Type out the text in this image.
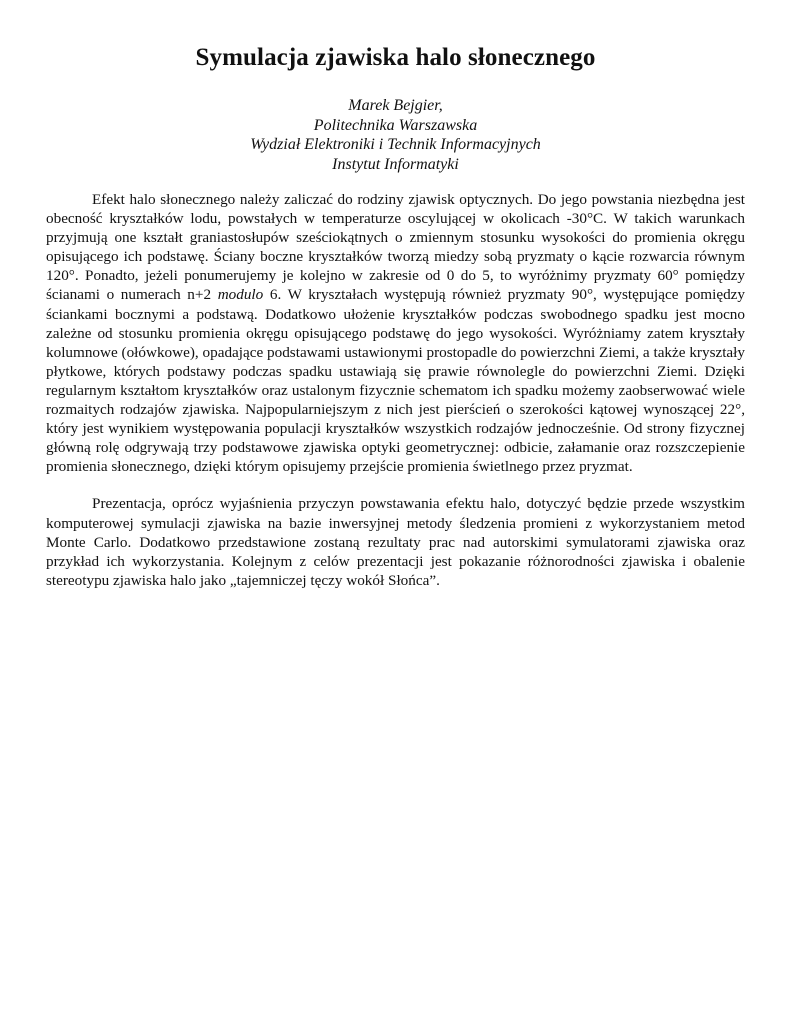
Symulacja zjawiska halo słonecznego
Marek Bejgier,
Politechnika Warszawska
Wydział Elektroniki i Technik Informacyjnych
Instytut Informatyki

Efekt halo słonecznego należy zaliczać do rodziny zjawisk optycznych. Do jego powstania niezbędna jest obecność kryształków lodu, powstałych w temperaturze oscylującej w okolicach -30°C. W takich warunkach przyjmują one kształt graniastosłupów sześciokątnych o zmiennym stosunku wysokości do promienia okręgu opisującego ich podstawę. Ściany boczne kryształków tworzą miedzy sobą pryzmaty o kącie rozwarcia równym 120°. Ponadto, jeżeli ponumerujemy je kolejno w zakresie od 0 do 5, to wyróżnimy pryzmaty 60° pomiędzy ścianami o numerach n+2 modulo 6. W kryształach występują również pryzmaty 90°, występujące pomiędzy ściankami bocznymi a podstawą. Dodatkowo ułożenie kryształków podczas swobodnego spadku jest mocno zależne od stosunku promienia okręgu opisującego podstawę do jego wysokości. Wyróżniamy zatem kryształy kolumnowe (ołówkowe), opadające podstawami ustawionymi prostopadle do powierzchni Ziemi, a także kryształy płytkowe, których podstawy podczas spadku ustawiają się prawie równolegle do powierzchni Ziemi. Dzięki regularnym kształtom kryształków oraz ustalonym fizycznie schematom ich spadku możemy zaobserwować wiele rozmaitych rodzajów zjawiska. Najpopularniejszym z nich jest pierścień o szerokości kątowej wynoszącej 22°, który jest wynikiem występowania populacji kryształków wszystkich rodzajów jednocześnie. Od strony fizycznej główną rolę odgrywają trzy podstawowe zjawiska optyki geometrycznej: odbicie, załamanie oraz rozszczepienie promienia słonecznego, dzięki którym opisujemy przejście promienia świetlnego przez pryzmat.

Prezentacja, oprócz wyjaśnienia przyczyn powstawania efektu halo, dotyczyć będzie przede wszystkim komputerowej symulacji zjawiska na bazie inwersyjnej metody śledzenia promieni z wykorzystaniem metod Monte Carlo. Dodatkowo przedstawione zostaną rezultaty prac nad autorskimi symulatorami zjawiska oraz przykład ich wykorzystania. Kolejnym z celów prezentacji jest pokazanie różnorodności zjawiska i obalenie stereotypu zjawiska halo jako „tajemniczej tęczy wokół Słońca”.
